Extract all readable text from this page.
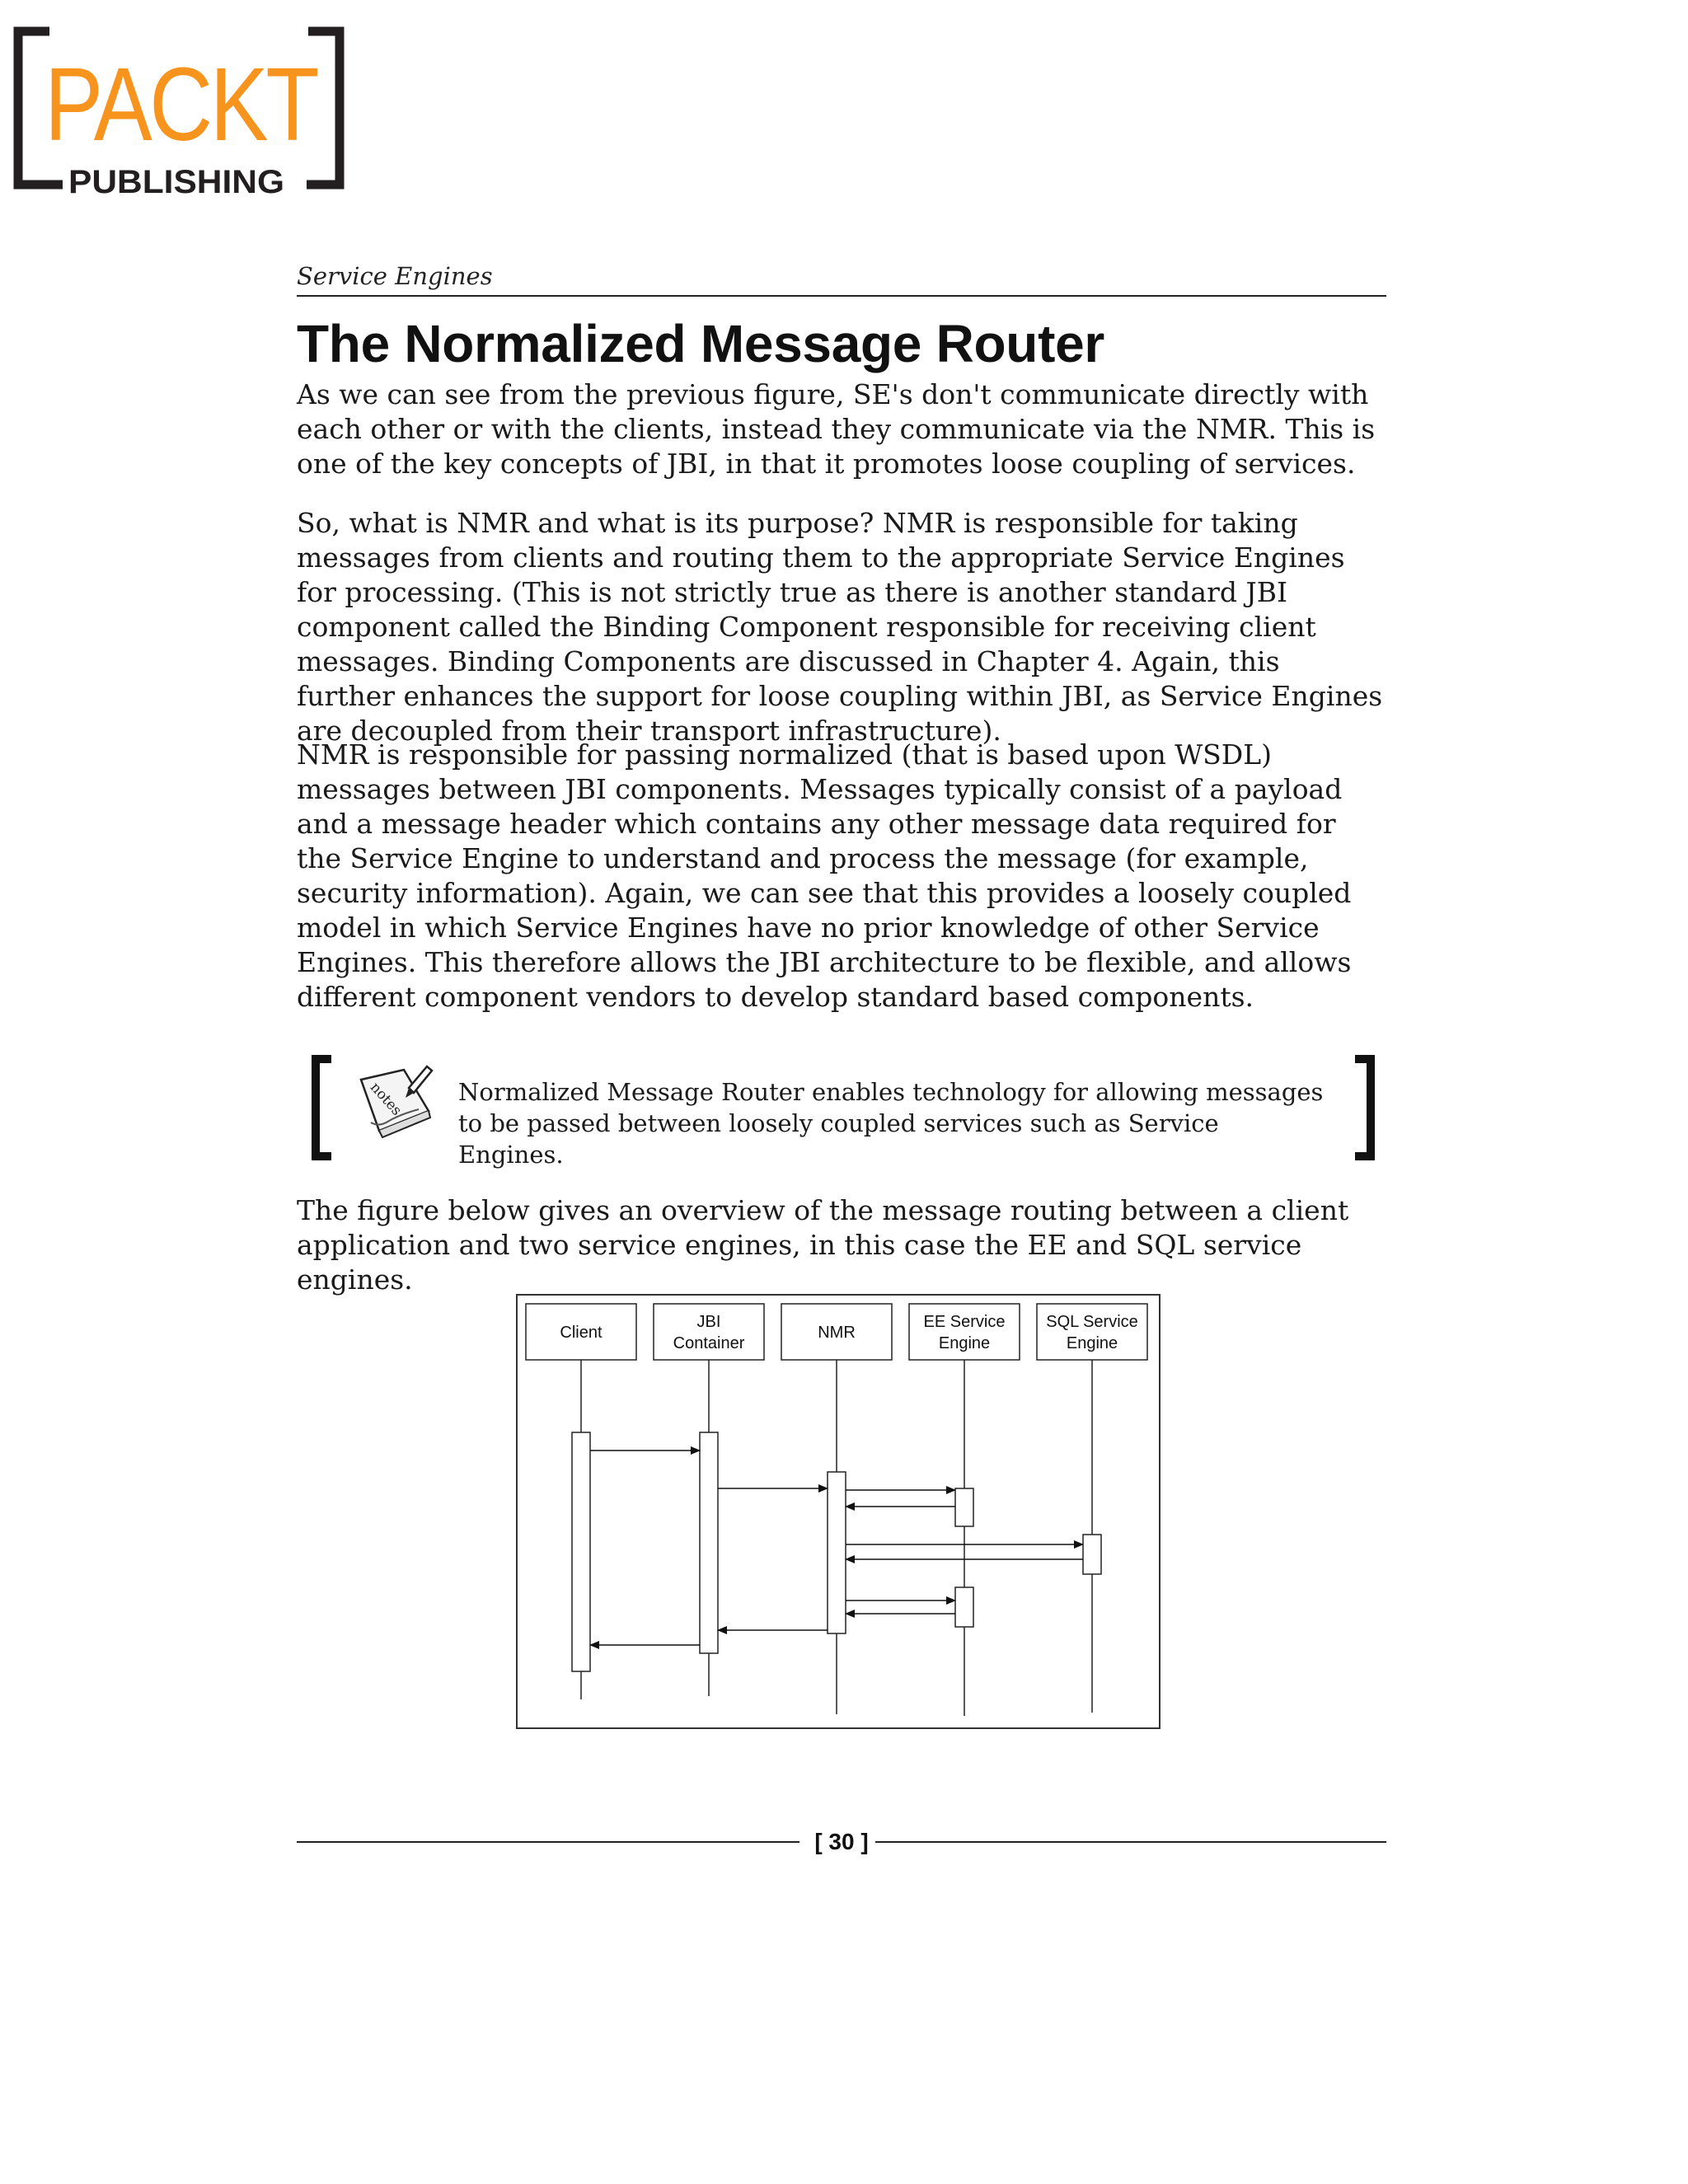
PACKT
PUBLISHING
Service Engines
The Normalized Message Router

As we can see from the previous figure, SE's don't communicate directly with each other or with the clients, instead they communicate via the NMR. This is one of the key concepts of JBI, in that it promotes loose coupling of services.

So, what is NMR and what is its purpose? NMR is responsible for taking messages from clients and routing them to the appropriate Service Engines for processing. (This is not strictly true as there is another standard JBI component called the Binding Component responsible for receiving client messages. Binding Components are discussed in Chapter 4. Again, this further enhances the support for loose coupling within JBI, as Service Engines are decoupled from their transport infrastructure).

NMR is responsible for passing normalized (that is based upon WSDL) messages between JBI components. Messages typically consist of a payload and a message header which contains any other message data required for the Service Engine to understand and process the message (for example, security information). Again, we can see that this provides a loosely coupled model in which Service Engines have no prior knowledge of other Service Engines. This therefore allows the JBI architecture to be flexible, and allows different component vendors to develop standard based components.

notes Normalized Message Router enables technology for allowing messages to be passed between loosely coupled services such as Service Engines.

The figure below gives an overview of the message routing between a client application and two service engines, in this case the EE and SQL service engines.

Client
JBI
Container
NMR
EE Service
Engine
SQL Service
Engine
[ 30 ]
